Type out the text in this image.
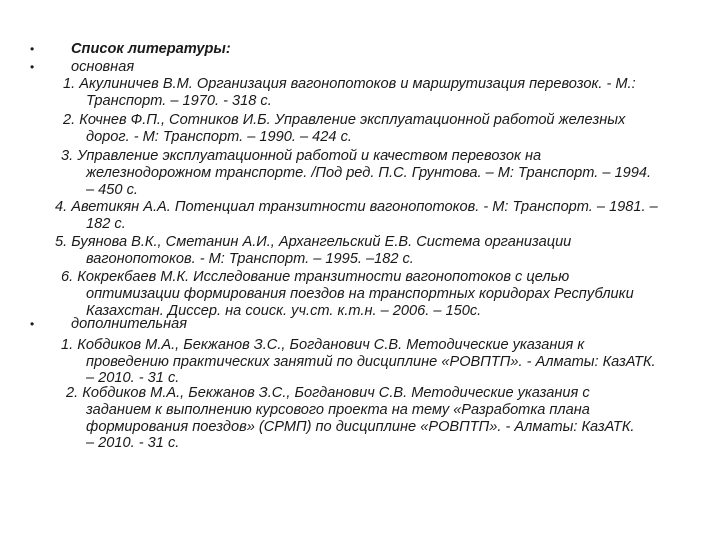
•
•
•
Список литературы:
основная
1. Акулиничев В.М. Организация вагонопотоков и маршрутизация перевозок. - М.:
Транспорт. – 1970. - 318 с.
2. Кочнев Ф.П., Сотников И.Б. Управление эксплуатационной работой железных
дорог. - М: Транспорт. – 1990. – 424 с.
3. Управление эксплуатационной работой и качеством перевозок на
железнодорожном транспорте. /Под ред. П.С. Грунтова. – М: Транспорт. – 1994.
– 450 с.
4. Аветикян А.А. Потенциал транзитности вагонопотоков. - М: Транспорт. – 1981. –
182 с.
5. Буянова В.К., Сметанин А.И., Архангельский Е.В. Система организации
вагонопотоков. - М: Транспорт. – 1995. –182 с.
6. Кокрекбаев М.К. Исследование транзитности вагонопотоков с целью
оптимизации формирования поездов на транспортных коридорах Республики
Казахстан. Диссер. на соиск. уч.ст. к.т.н. – 2006. – 150с.
дополнительная
1. Кобдиков М.А., Бекжанов З.С., Богданович С.В. Методические указания к
проведению практических занятий по дисциплине «РОВПТП». - Алматы: КазАТК.
– 2010. - 31 с.
2. Кобдиков М.А., Бекжанов З.С., Богданович С.В. Методические указания с
заданием к выполнению курсового проекта на тему «Разработка плана
формирования поездов» (СРМП) по дисциплине «РОВПТП». - Алматы: КазАТК.
– 2010. - 31 с.
